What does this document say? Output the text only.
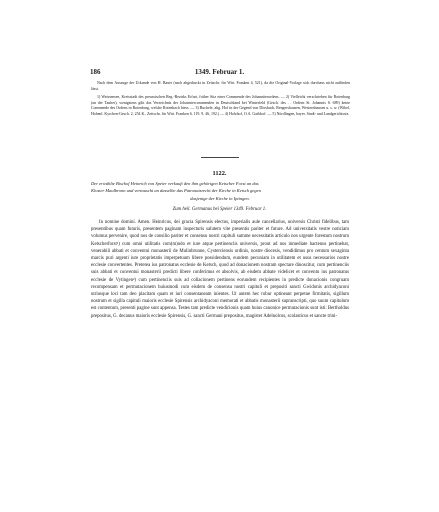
186	1349. Februar 1.

Nach dem Auszuge der Urkunde von H. Bauer (nach abgedruckt in Zeitschr. für Wirt. Franken 4, 521), da die Original-Vorlage sich durchaus nicht auffinden lässt.

1) Weissensee, Kreisstadt des preussischen Reg.-Bezirks Erfurt, früher Sitz einer Commende des Johanniterordens. — 2) Vielleicht verschrieben für Rotenburg (an der Tauber), wenigstens gibt das Verzeichnis der Johanniercommenden in Deutschland bei Winterfeld (Gesch. des . . Ordens St. Johannis S. 689) keine Commende des Ordens in Rotenburg, welche Rotenbach hiess. — 3) Buchele, abg. Hof in der Gegend von Dörsbach, Rengershausen, Westernhausen u. s. w. (Wibel, Hohenl. Kyrchen-Gesch. 2, 254 K., Zeitschr. für Wirt. Franken 6, 119. 9, 46, 192.) — 4) Holzhof, O.A. Gaildorf. — 5) Nördlingen, bayer. Stadt- und Landgerichtsstz.

1122.

Der erwählte Bischof Heinrich von Speier verkauft den ihm gehörigen Ketscher Forst an das

Kloster Maulbronn und vertauscht an dasselbe das Patronatsrecht der Kirche in Ketsch gegen

dasjenige der Kirche in Iptingen.

Zum heil. Germanus bei Speier 1349. Februar 1.

In nomine domini. Amen. Heinricus, dei gracia Spirensis electus, imperialis aule cancellarius, universis Christi fidelibus, tam presentibus quam futuris, presentem paginam inspecturis salutem vite presentis pariter et future. Ad universitatis vestre noticiam volumus pervenire, quod nos de consilio pariter et consensu nostri capituli summe necessitatis articulo nos urgente forestum nostrum Ketscherforst¹) cum omni utilitatis com(m)odo et iure atque pertinenciis universis, prout ad nos inmediate hactenus pertinebat, venerabili abbati et conventui monasterii de Mulinbrunne, Cysterciensis ordinis, nostre diocesis, vendidimus pro centum sexaginta marcis puri argenti iure proprietatis imperpetuum libere possidendum, eundem pecuniam in utilitatem et usus necessarios nostre ecclesie convertentes. Preterea ius patronatus ecclesie de Ketsch, quod ad donacionem nostram spectare dinoscitur, cum pertinenciis suis abbati et conventui monasterii predicti libere conferimus et absolvis, ab eisdem abbate videlicet et conventu ius patronatus ecclesie de Vytingen²) cum pertinenciis suis ad collacionem pertinens eorundem recipientes in predicte donacionis congruam recompensam et permutacionem huiusmodi cum eisdem de consensu nostri capituli et prepositi sancti Gwidonis archidyaconi utriusque loci tam deo placitam quam et iuri consentaneam inientes. Ut autem hec robur optineant perpetue firmitatis, sigillum nostrum et sigilla capituli maioris ecclesie Spirensis archidyaconi memorati et abbatis monasterii supranscripti, quo suum capitulum est contentum, presenti pagine sunt appensa. Testes tam predicte vendicionis quam huius canonice permutacionis sunt isti: Bertholdus prepositus, G. decanus maioris ecclesie Spirensis, G. sancti Germani prepositus, magister Adelnolcus, scolasticus et sancte trini-
